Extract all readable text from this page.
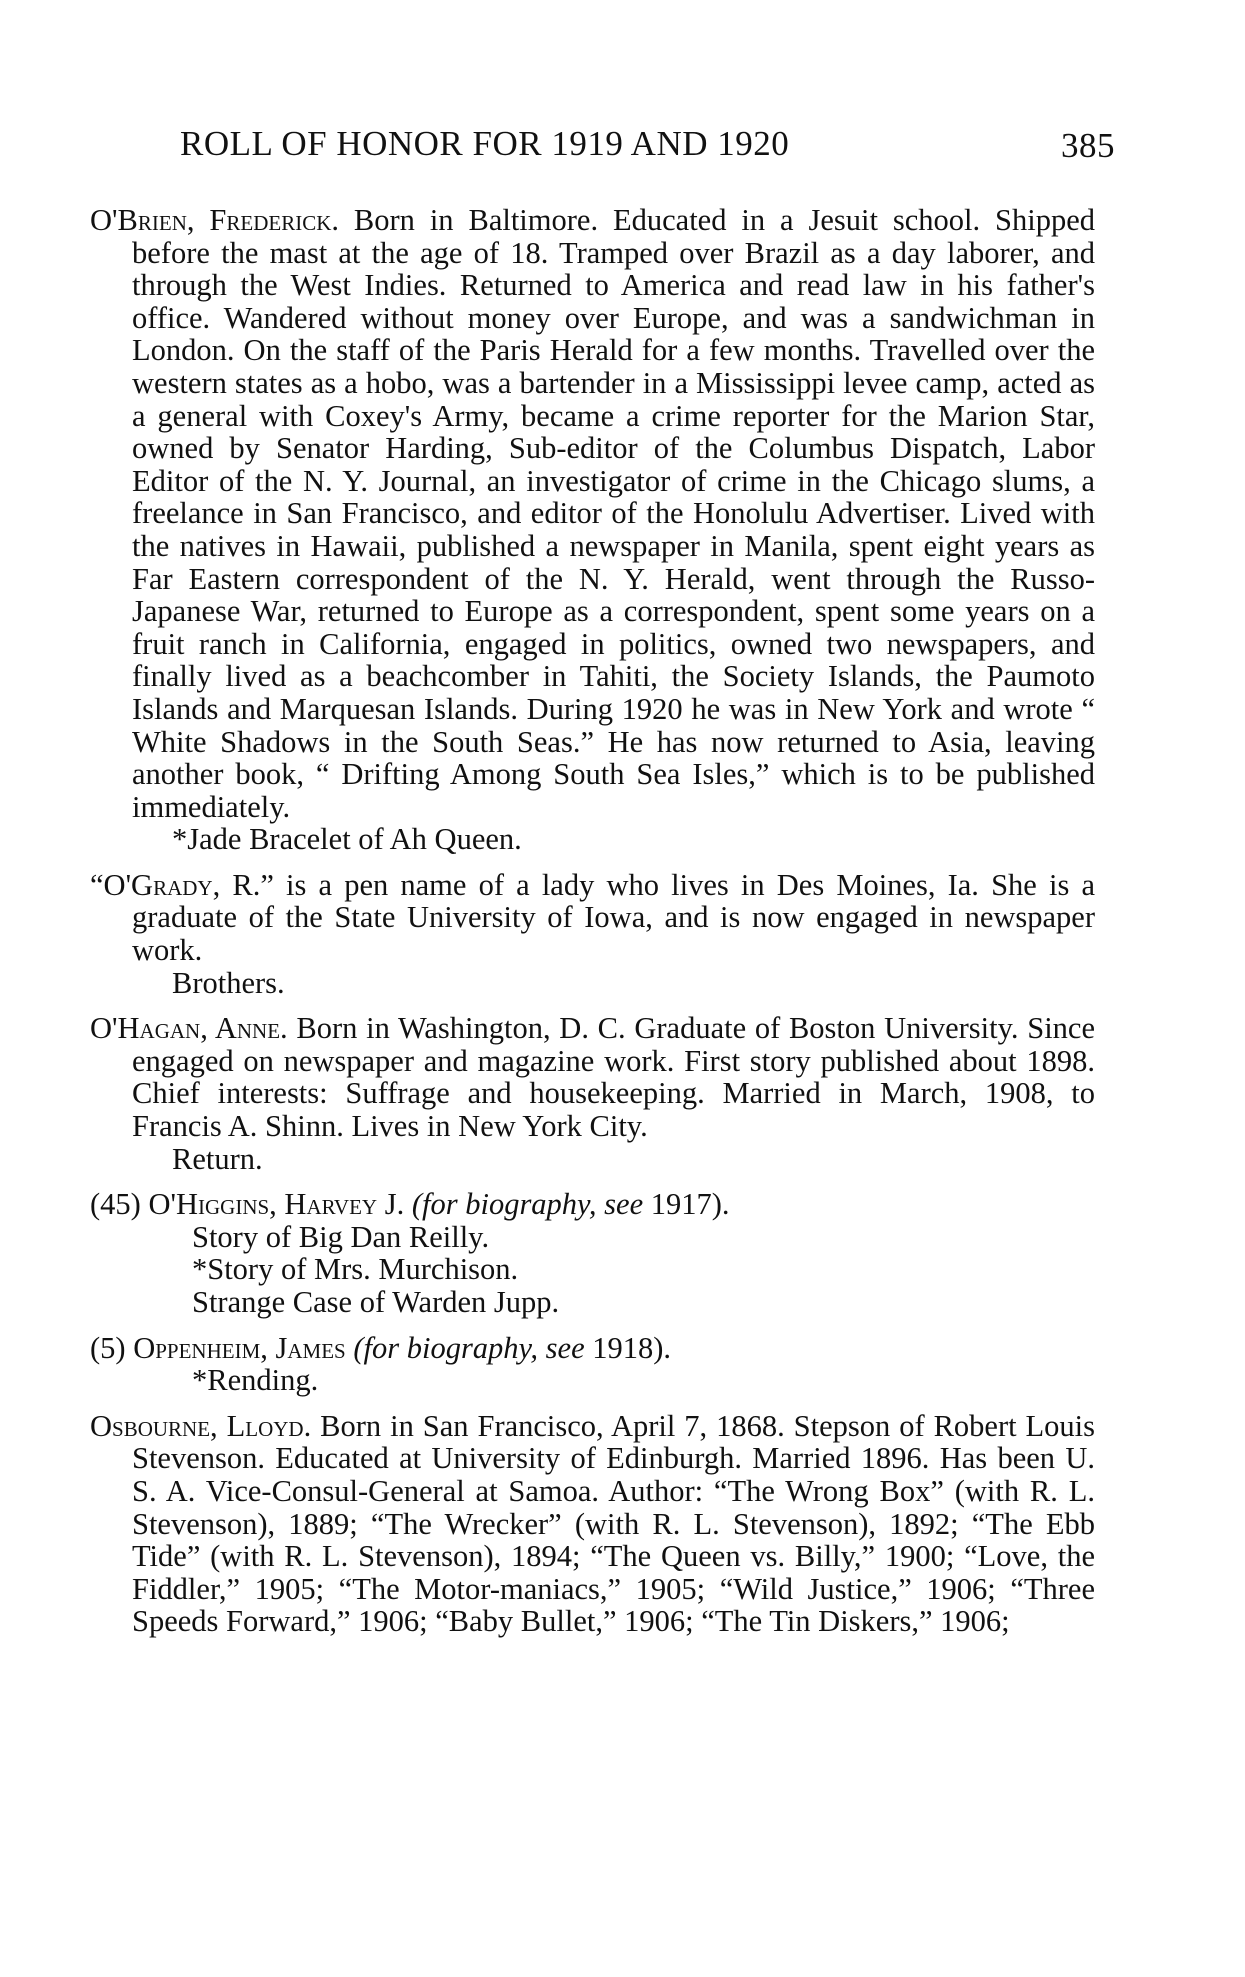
ROLL OF HONOR FOR 1919 AND 1920	385
O'Brien, Frederick. Born in Baltimore. Educated in a Jesuit school. Shipped before the mast at the age of 18. Tramped over Brazil as a day laborer, and through the West Indies. Returned to America and read law in his father's office. Wandered without money over Europe, and was a sandwichman in London. On the staff of the Paris Herald for a few months. Travelled over the western states as a hobo, was a bartender in a Mississippi levee camp, acted as a general with Coxey's Army, became a crime reporter for the Marion Star, owned by Senator Harding, Sub-editor of the Columbus Dispatch, Labor Editor of the N. Y. Journal, an investigator of crime in the Chicago slums, a freelance in San Francisco, and editor of the Honolulu Advertiser. Lived with the natives in Hawaii, published a newspaper in Manila, spent eight years as Far Eastern correspondent of the N. Y. Herald, went through the Russo-Japanese War, returned to Europe as a correspondent, spent some years on a fruit ranch in California, engaged in politics, owned two newspapers, and finally lived as a beachcomber in Tahiti, the Society Islands, the Paumoto Islands and Marquesan Islands. During 1920 he was in New York and wrote “ White Shadows in the South Seas.” He has now returned to Asia, leaving another book, “ Drifting Among South Sea Isles,” which is to be published immediately.
*Jade Bracelet of Ah Queen.
“O'Grady, R.” is a pen name of a lady who lives in Des Moines, Ia. She is a graduate of the State University of Iowa, and is now engaged in newspaper work.
Brothers.
O'Hagan, Anne. Born in Washington, D. C. Graduate of Boston University. Since engaged on newspaper and magazine work. First story published about 1898. Chief interests: Suffrage and housekeeping. Married in March, 1908, to Francis A. Shinn. Lives in New York City.
Return.
(45) O'Higgins, Harvey J. (for biography, see 1917).
Story of Big Dan Reilly.
*Story of Mrs. Murchison.
Strange Case of Warden Jupp.
(5) Oppenheim, James (for biography, see 1918).
*Rending.
Osbourne, Lloyd. Born in San Francisco, April 7, 1868. Stepson of Robert Louis Stevenson. Educated at University of Edinburgh. Married 1896. Has been U. S. A. Vice-Consul-General at Samoa. Author: “The Wrong Box” (with R. L. Stevenson), 1889; “The Wrecker” (with R. L. Stevenson), 1892; “The Ebb Tide” (with R. L. Stevenson), 1894; “The Queen vs. Billy,” 1900; “Love, the Fiddler,” 1905; “The Motor-maniacs,” 1905; “Wild Justice,” 1906; “Three Speeds Forward,” 1906; “Baby Bullet,” 1906; “The Tin Diskers,” 1906;
